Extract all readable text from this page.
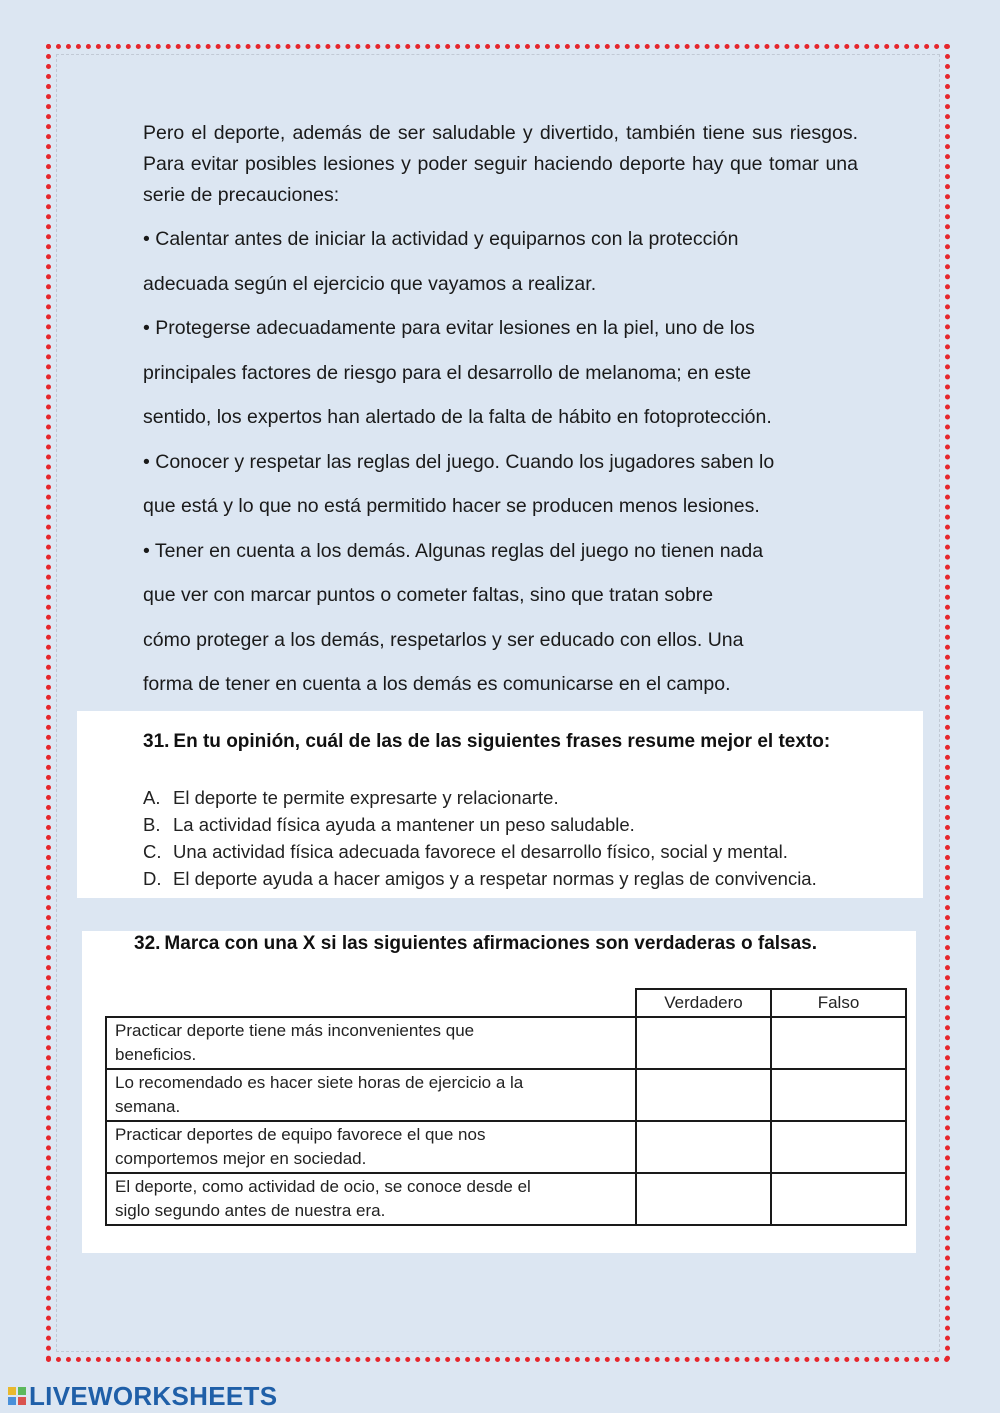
Pero el deporte, además de ser saludable y divertido, también tiene sus riesgos. Para evitar posibles lesiones y poder seguir haciendo deporte hay que tomar una serie de precauciones:

• Calentar antes de iniciar la actividad y equiparnos con la protección
adecuada según el ejercicio que vayamos a realizar.

• Protegerse adecuadamente para evitar lesiones en la piel, uno de los
principales factores de riesgo para el desarrollo de melanoma; en este
sentido, los expertos han alertado de la falta de hábito en fotoprotección.

• Conocer y respetar las reglas del juego. Cuando los jugadores saben lo
que está y lo que no está permitido hacer se producen menos lesiones.

• Tener en cuenta a los demás. Algunas reglas del juego no tienen nada
que ver con marcar puntos o cometer faltas, sino que tratan sobre
cómo proteger a los demás, respetarlos y ser educado con ellos. Una
forma de tener en cuenta a los demás es comunicarse en el campo.

31. En tu opinión, cuál de las de las siguientes frases resume mejor el texto:
A. El deporte te permite expresarte y relacionarte.
B. La actividad física ayuda a mantener un peso saludable.
C. Una actividad física adecuada favorece el desarrollo físico, social y mental.
D. El deporte ayuda a hacer amigos y a respetar normas y reglas de convivencia.
32. Marca con una X si las siguientes afirmaciones son verdaderas o falsas.
	Verdadero	Falso
Practicar deporte tiene más inconvenientes que
beneficios.		
Lo recomendado es hacer siete horas de ejercicio a la
semana.		
Practicar deportes de equipo favorece el que nos
comportemos mejor en sociedad.		
El deporte, como actividad de ocio, se conoce desde el
siglo segundo antes de nuestra era.		
LIVEWORKSHEETS
